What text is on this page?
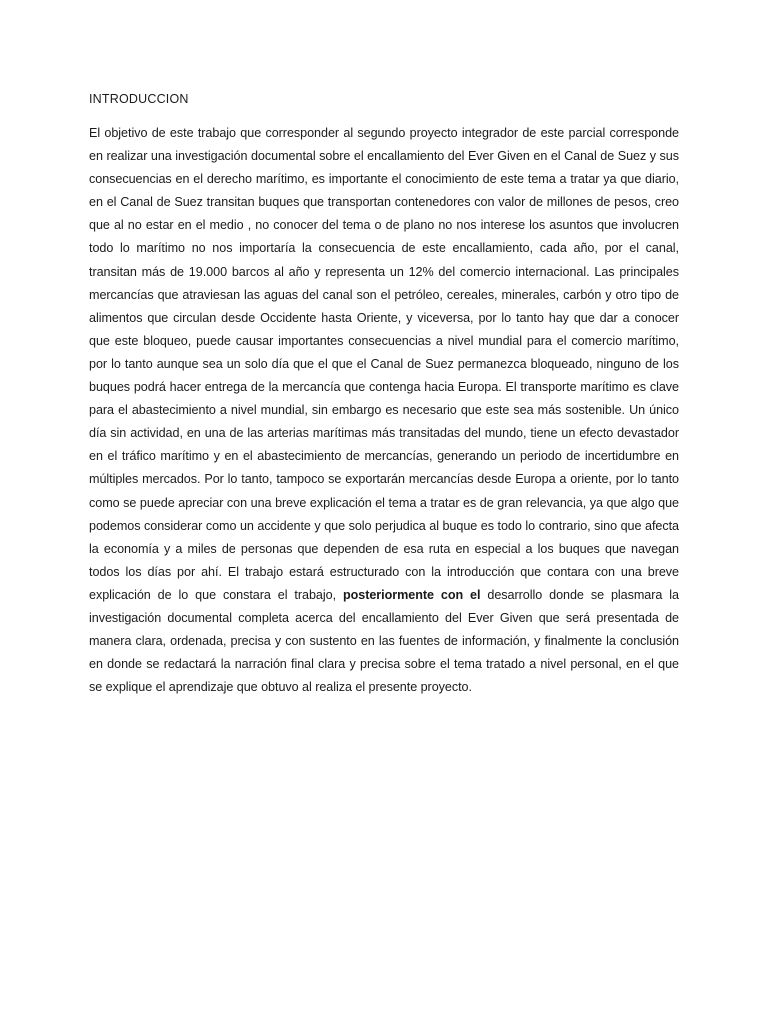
INTRODUCCION

El objetivo de este trabajo que corresponder al segundo proyecto integrador de este parcial corresponde en realizar una investigación documental sobre el encallamiento del Ever Given en el Canal de Suez y sus consecuencias en el derecho marítimo, es importante el conocimiento de este tema a tratar ya que diario, en el Canal de Suez transitan buques que transportan contenedores con valor de millones de pesos, creo que al no estar en el medio , no conocer del tema o de plano no nos interese los asuntos que involucren todo lo marítimo no nos importaría la consecuencia de este encallamiento, cada año, por el canal, transitan más de 19.000 barcos al año y representa un 12% del comercio internacional. Las principales mercancías que atraviesan las aguas del canal son el petróleo, cereales, minerales, carbón y otro tipo de alimentos que circulan desde Occidente hasta Oriente, y viceversa, por lo tanto hay que dar a conocer que este bloqueo, puede causar importantes consecuencias a nivel mundial para el comercio marítimo, por lo tanto aunque sea un solo día que el que el Canal de Suez permanezca bloqueado, ninguno de los buques podrá hacer entrega de la mercancía que contenga hacia Europa. El transporte marítimo es clave para el abastecimiento a nivel mundial, sin embargo es necesario que este sea más sostenible. Un único día sin actividad, en una de las arterias marítimas más transitadas del mundo, tiene un efecto devastador en el tráfico marítimo y en el abastecimiento de mercancías, generando un periodo de incertidumbre en múltiples mercados. Por lo tanto, tampoco se exportarán mercancías desde Europa a oriente, por lo tanto como se puede apreciar con una breve explicación el tema a tratar es de gran relevancia, ya que algo que podemos considerar como un accidente y que solo perjudica al buque es todo lo contrario, sino que afecta la economía y a miles de personas que dependen de esa ruta en especial a los buques que navegan todos los días por ahí. El trabajo estará estructurado con la introducción que contara con una breve explicación de lo que constara el trabajo, posteriormente con el desarrollo donde se plasmara la investigación documental completa acerca del encallamiento del Ever Given que será presentada de manera clara, ordenada, precisa y con sustento en las fuentes de información, y finalmente la conclusión en donde se redactará la narración final clara y precisa sobre el tema tratado a nivel personal, en el que se explique el aprendizaje que obtuvo al realiza el presente proyecto.
